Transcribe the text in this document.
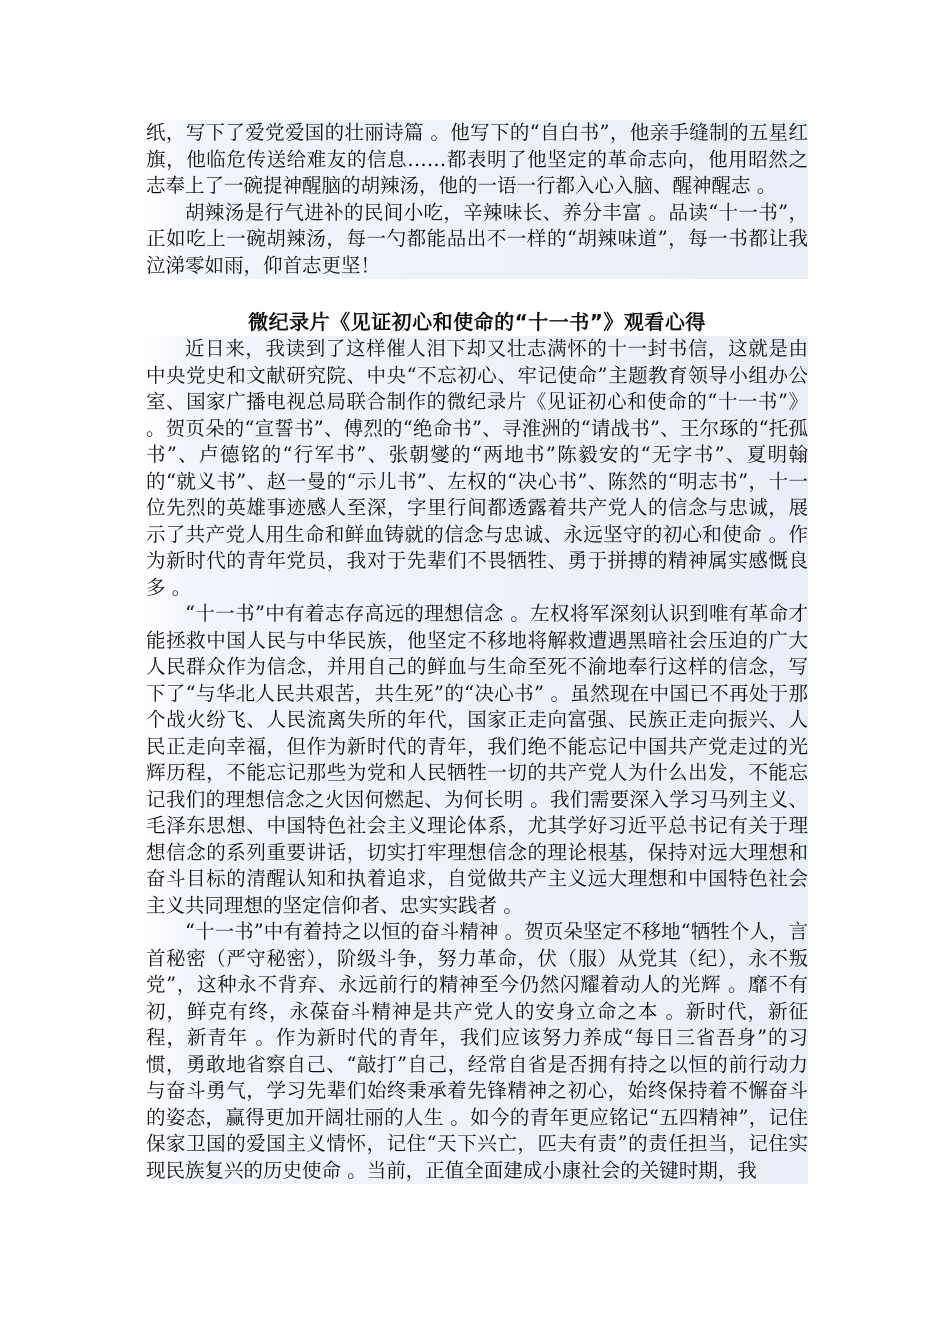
纸，写下了爱党爱国的壮丽诗篇 。他写下的“自白书”，他亲手缝制的五星红旗，他临危传送给难友的信息……都表明了他坚定的革命志向，他用昭然之志奉上了一碗提神醒脑的胡辣汤，他的一语一行都入心入脑、醒神醒志 。

胡辣汤是行气进补的民间小吃，辛辣味长、养分丰富 。品读“十一书”，正如吃上一碗胡辣汤，每一勺都能品出不一样的“胡辣味道”，每一书都让我泣涕零如雨，仰首志更坚！

微纪录片《见证初心和使命的“十一书”》观看心得

近日来，我读到了这样催人泪下却又壮志满怀的十一封书信，这就是由中央党史和文献研究院、中央“不忘初心、牢记使命”主题教育领导小组办公室、国家广播电视总局联合制作的微纪录片《见证初心和使命的“十一书”》 。贺页朵的“宣誓书”、傅烈的“绝命书”、寻淮洲的“请战书”、王尔琢的“托孤书”、卢德铭的“行军书”、张朝燮的“两地书”陈毅安的“无字书”、夏明翰的“就义书”、赵一曼的“示儿书”、左权的“决心书”、陈然的“明志书”，十一位先烈的英雄事迹感人至深，字里行间都透露着共产党人的信念与忠诚，展示了共产党人用生命和鲜血铸就的信念与忠诚、永远坚守的初心和使命 。作为新时代的青年党员，我对于先辈们不畏牺牲、勇于拼搏的精神属实感慨良多 。

“十一书”中有着志存高远的理想信念 。左权将军深刻认识到唯有革命才能拯救中国人民与中华民族，他坚定不移地将解救遭遇黑暗社会压迫的广大人民群众作为信念，并用自己的鲜血与生命至死不渝地奉行这样的信念，写下了“与华北人民共艰苦，共生死”的“决心书” 。虽然现在中国已不再处于那个战火纷飞、人民流离失所的年代，国家正走向富强、民族正走向振兴、人民正走向幸福，但作为新时代的青年，我们绝不能忘记中国共产党走过的光辉历程，不能忘记那些为党和人民牺牲一切的共产党人为什么出发，不能忘记我们的理想信念之火因何燃起、为何长明 。我们需要深入学习马列主义、毛泽东思想、中国特色社会主义理论体系，尤其学好习近平总书记有关于理想信念的系列重要讲话，切实打牢理想信念的理论根基，保持对远大理想和奋斗目标的清醒认知和执着追求，自觉做共产主义远大理想和中国特色社会主义共同理想的坚定信仰者、忠实实践者 。

“十一书”中有着持之以恒的奋斗精神 。贺页朵坚定不移地“牺牲个人，言首秘密（严守秘密），阶级斗争，努力革命，伏（服）从党其（纪），永不叛党”，这种永不背弃、永远前行的精神至今仍然闪耀着动人的光辉 。靡不有初，鲜克有终，永葆奋斗精神是共产党人的安身立命之本 。新时代，新征程，新青年 。作为新时代的青年，我们应该努力养成“每日三省吾身”的习惯，勇敢地省察自己、“敲打”自己，经常自省是否拥有持之以恒的前行动力与奋斗勇气，学习先辈们始终秉承着先锋精神之初心，始终保持着不懈奋斗的姿态，赢得更加开阔壮丽的人生 。如今的青年更应铭记“五四精神”，记住保家卫国的爱国主义情怀，记住“天下兴亡，匹夫有责”的责任担当，记住实现民族复兴的历史使命 。当前，正值全面建成小康社会的关键时期，我
